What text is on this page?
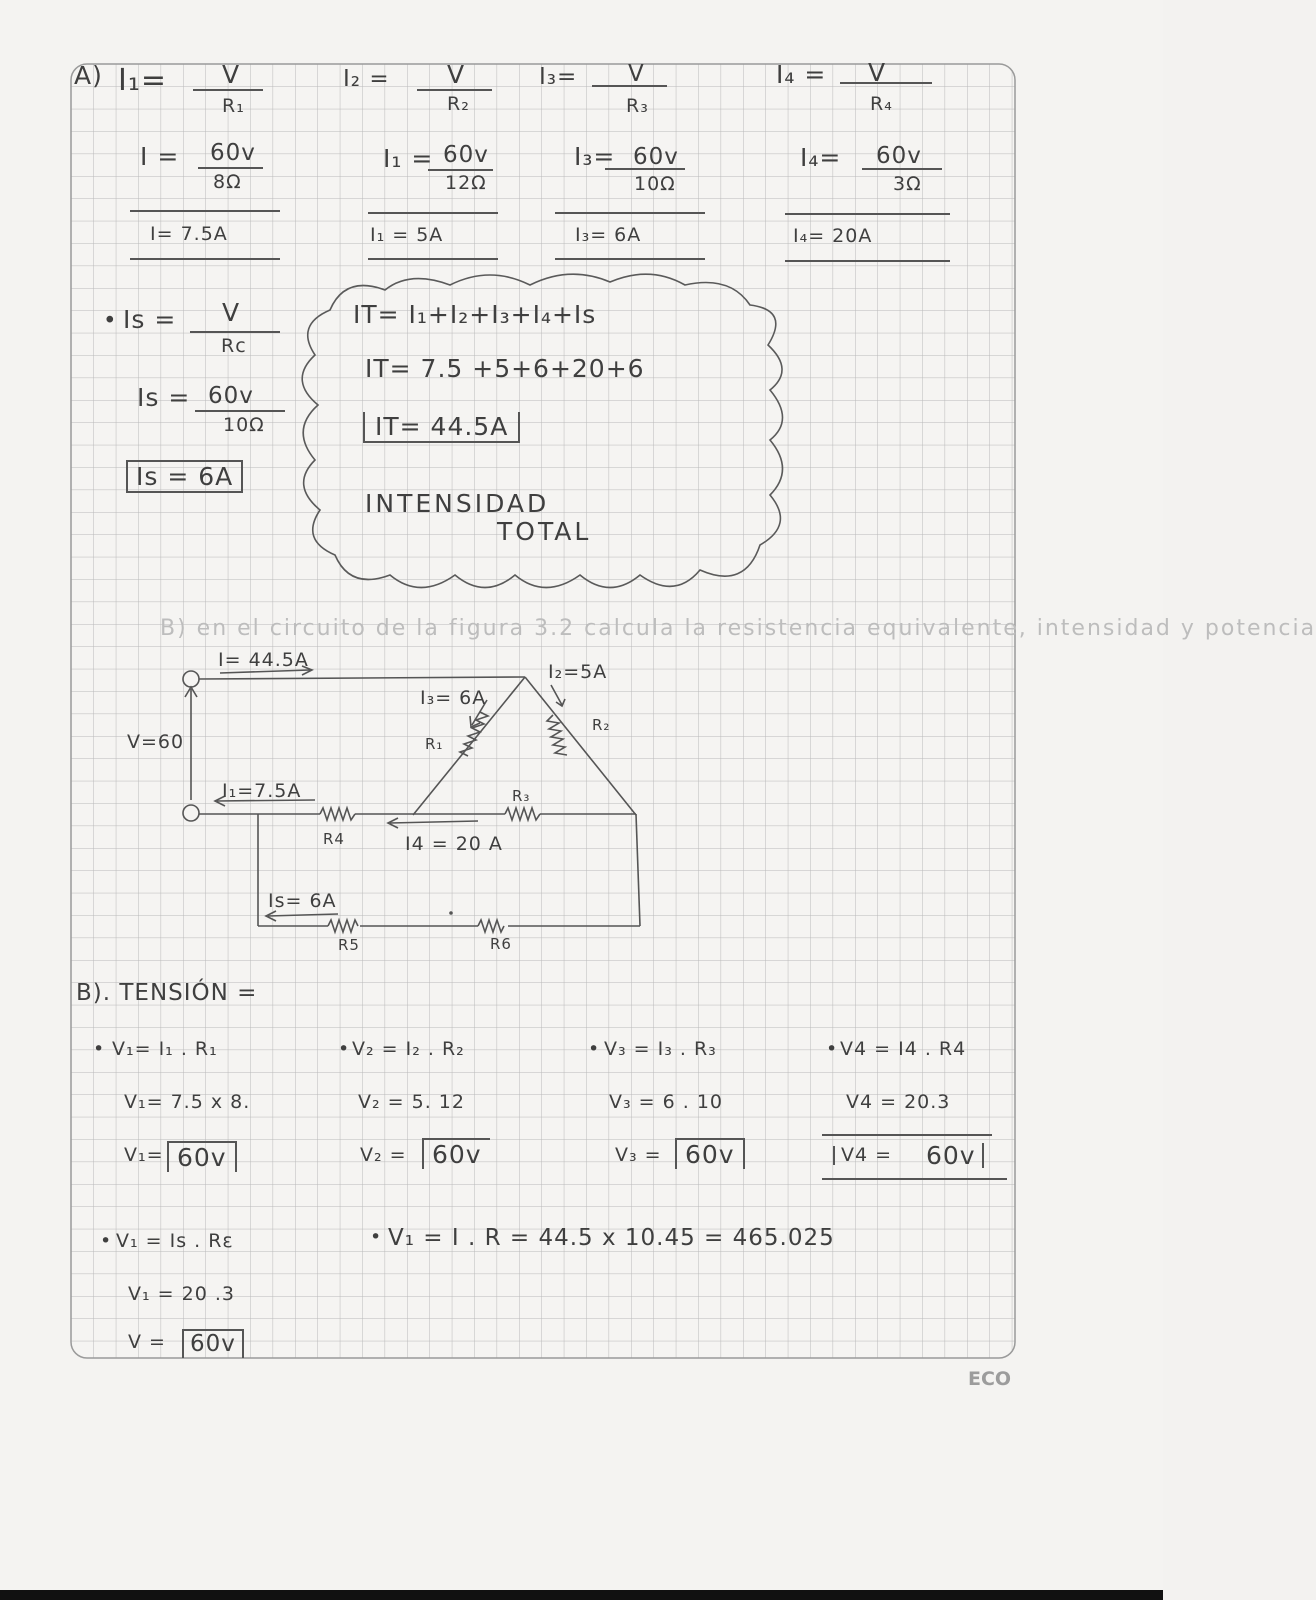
A) I₁= V
R₁
I = 60v
8Ω
I= 7.5A
I₂ = V
R₂
I₁ = 60v
12Ω
I₁ = 5A
I₃= V
R₃
I₃= 60v
10Ω
I₃= 6A
I₄ = V
R₄
I₄= 60v
3Ω
I₄= 20A
• Is = V
Rc
Is = 60v
10Ω
Is = 6A
IT= I₁+I₂+I₃+I₄+Is
IT= 7.5 +5+6+20+6
IT= 44.5A
INTENSIDAD
TOTAL
B) en el circuito de la figura 3.2 calcula la resistencia equivalente, intensidad y potencia
I= 44.5A
I₂=5A
I₃= 6A
R₁
R₂
V=60
I₁=7.5A	R₃
R4	I4 = 20 A
Is= 6A
R5	R6
B). TENSIÓN =
• V₁= I₁ . R₁
V₁= 7.5 x 8.
V₁= 60v
• V₂ = I₂ . R₂
V₂ = 5. 12
V₂ =	60v
• V₃ = I₃ . R₃
V₃ = 6 . 10
V₃ = 60v
• V4 = I4 . R4
V4 = 20.3
V4 = 60v
• V₁ = Is . Rε
V₁ = 20 .3
V =	60v
• V₁ = I . R = 44.5 x 10.45 = 465.025
ECO
